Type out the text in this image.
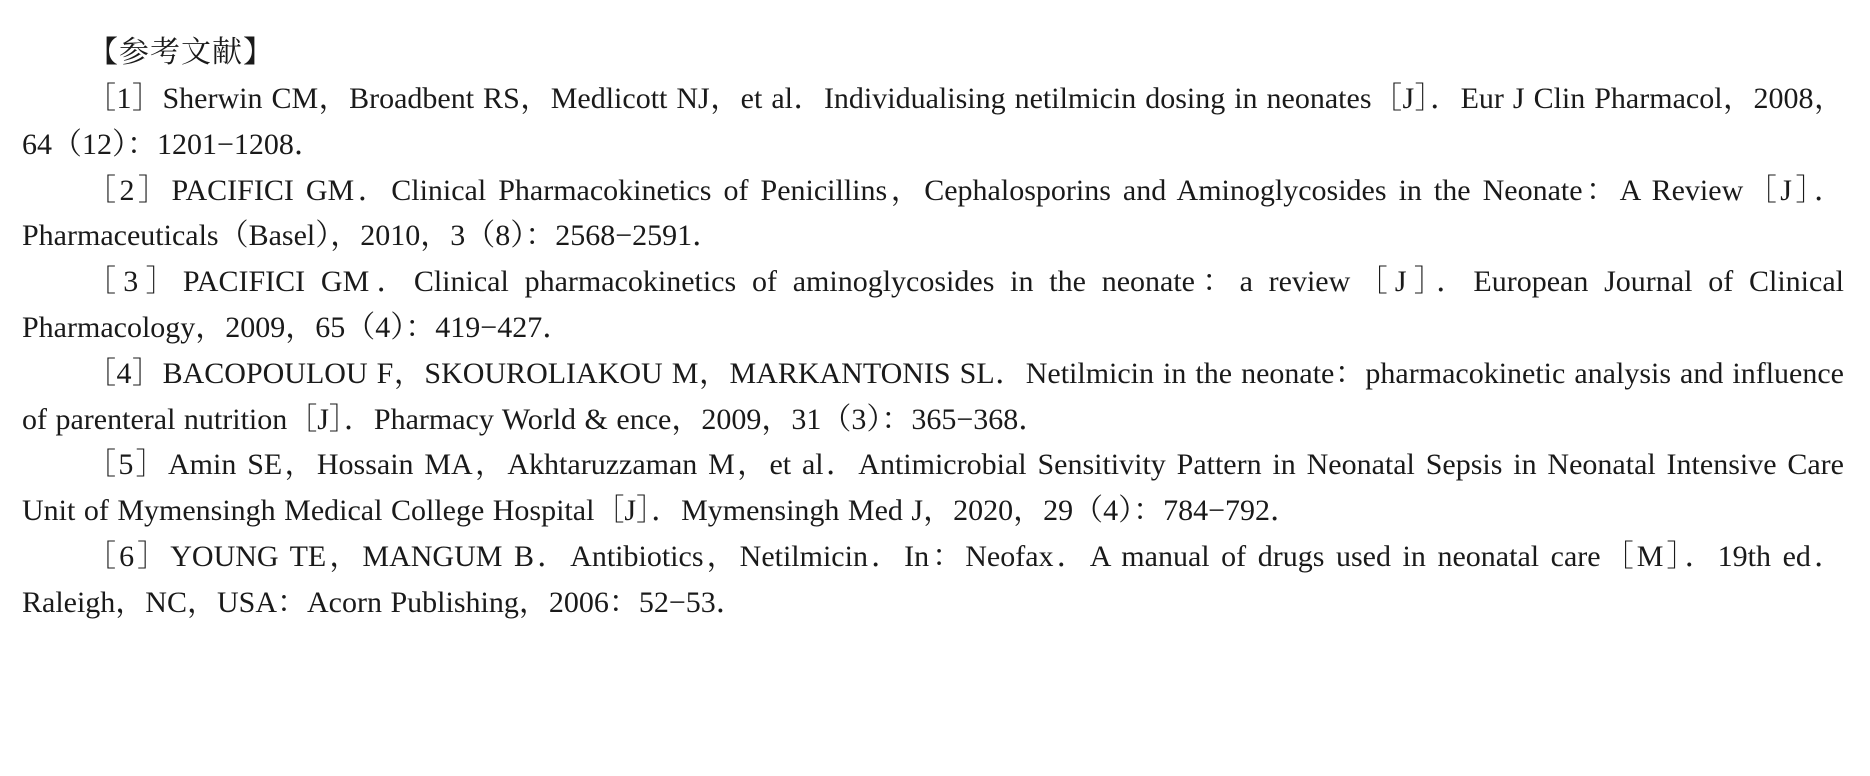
【参考文献】

［1］Sherwin CM，Broadbent RS，Medlicott NJ，et al．Individualising netilmicin dosing in neonates［J］．Eur J Clin Pharmacol，2008，64（12）：1201−1208．

［2］PACIFICI GM．Clinical Pharmacokinetics of Penicillins，Cephalosporins and Aminoglycosides in the Neonate：A Review［J］．Pharmaceuticals（Basel），2010，3（8）：2568−2591．

［3］PACIFICI GM．Clinical pharmacokinetics of aminoglycosides in the neonate：a review［J］．European Journal of Clinical Pharmacology，2009，65（4）：419−427．

［4］BACOPOULOU F，SKOUROLIAKOU M，MARKANTONIS SL．Netilmicin in the neonate：pharmacokinetic analysis and influence of parenteral nutrition［J］．Pharmacy World & ence，2009，31（3）：365−368．

［5］Amin SE，Hossain MA，Akhtaruzzaman M，et al．Antimicrobial Sensitivity Pattern in Neonatal Sepsis in Neonatal Intensive Care Unit of Mymensingh Medical College Hospital［J］．Mymensingh Med J，2020，29（4）：784−792．

［6］YOUNG TE，MANGUM B．Antibiotics，Netilmicin．In：Neofax．A manual of drugs used in neonatal care［M］．19th ed．Raleigh，NC，USA：Acorn Publishing，2006：52−53．
